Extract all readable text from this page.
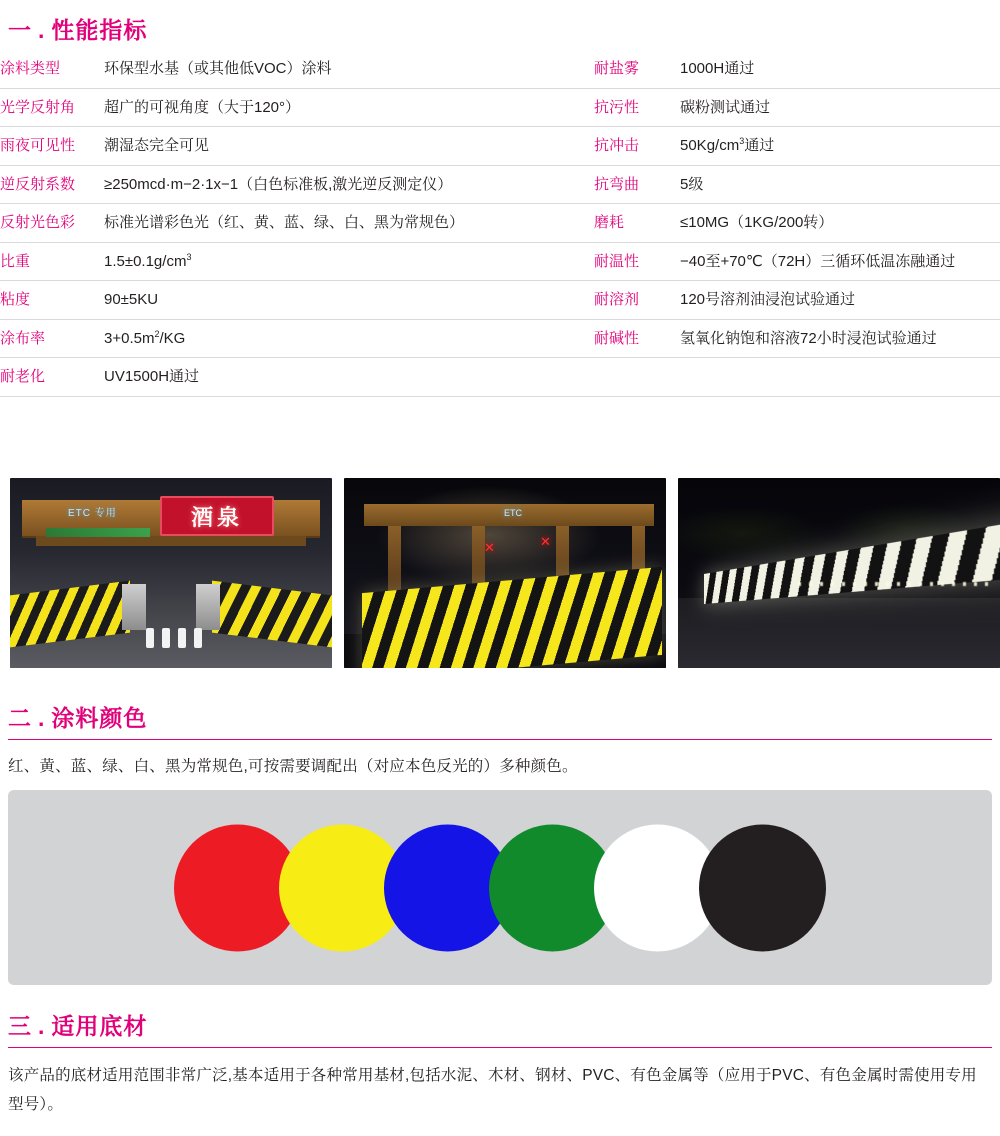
一 . 性能指标
涂料类型	环保型水基（或其他低VOC）涂料	耐盐雾	1000H通过
光学反射角	超广的可视角度（大于120°）	抗污性	碳粉测试通过
雨夜可见性	潮湿态完全可见	抗冲击	$50Kg/cm^3$通过
逆反射系数	≥250mcd·m−2·1x−1（白色标准板,激光逆反测定仪）	抗弯曲	5级
反射光色彩	标准光谱彩色光（红、黄、蓝、绿、白、黑为常规色）	磨耗	≤10MG（1KG/200转）
比重	$1.5\pm 0.1g/cm^3$	耐温性	−40至+70℃（72H）三循环低温冻融通过
粘度	90±5KU	耐溶剂	120号溶剂油浸泡试验通过
涂布率	$3+0.5m^2/KG$	耐碱性	氢氧化钠饱和溶液72小时浸泡试验通过
耐老化	UV1500H通过		
ETC 专用	酒泉	ETC
✕
✕
二 . 涂料颜色
红、黄、蓝、绿、白、黑为常规色,可按需要调配出（对应本色反光的）多种颜色。
三 . 适用底材
该产品的底材适用范围非常广泛,基本适用于各种常用基材,包括水泥、木材、钢材、PVC、有色金属等（应用于PVC、有色金属时需使用专用型号）。
